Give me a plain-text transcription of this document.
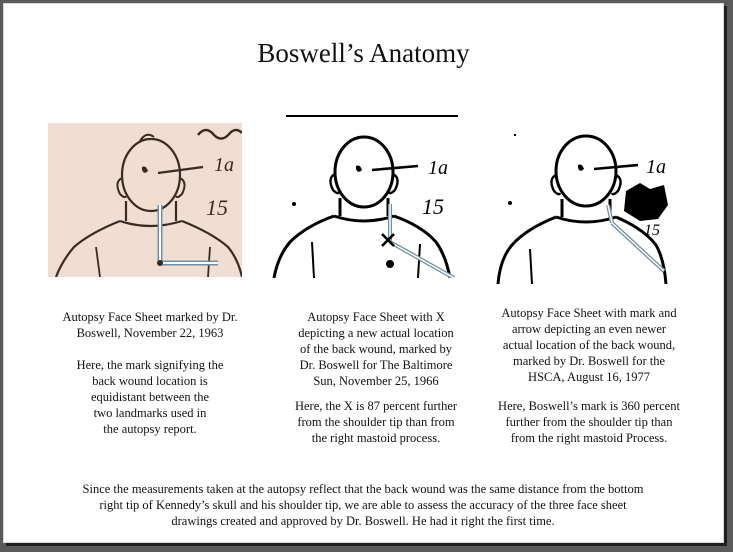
Boswell’s Anatomy
1a
15
1a
15
1a
15

Autopsy Face Sheet marked by Dr.

Boswell, November 22, 1963

Here, the mark signifying the

back wound location is

equidistant between the

two landmarks used in

the autopsy report.

Autopsy Face Sheet with X

depicting a new actual location

of the back wound, marked by

Dr. Boswell for The Baltimore

Sun, November 25, 1966

Here, the X is 87 percent further

from the shoulder tip than from

the right mastoid process.

Autopsy Face Sheet with mark and

arrow depicting an even newer

actual location of the back wound,

marked by Dr. Boswell for the

HSCA, August 16, 1977

Here, Boswell’s mark is 360 percent

further from the shoulder tip than

from the right mastoid Process.

Since the measurements taken at the autopsy reflect that the back wound was the same distance from the bottom

right tip of Kennedy’s skull and his shoulder tip, we are able to assess the accuracy of the three face sheet

drawings created and approved by Dr. Boswell. He had it right the first time.
